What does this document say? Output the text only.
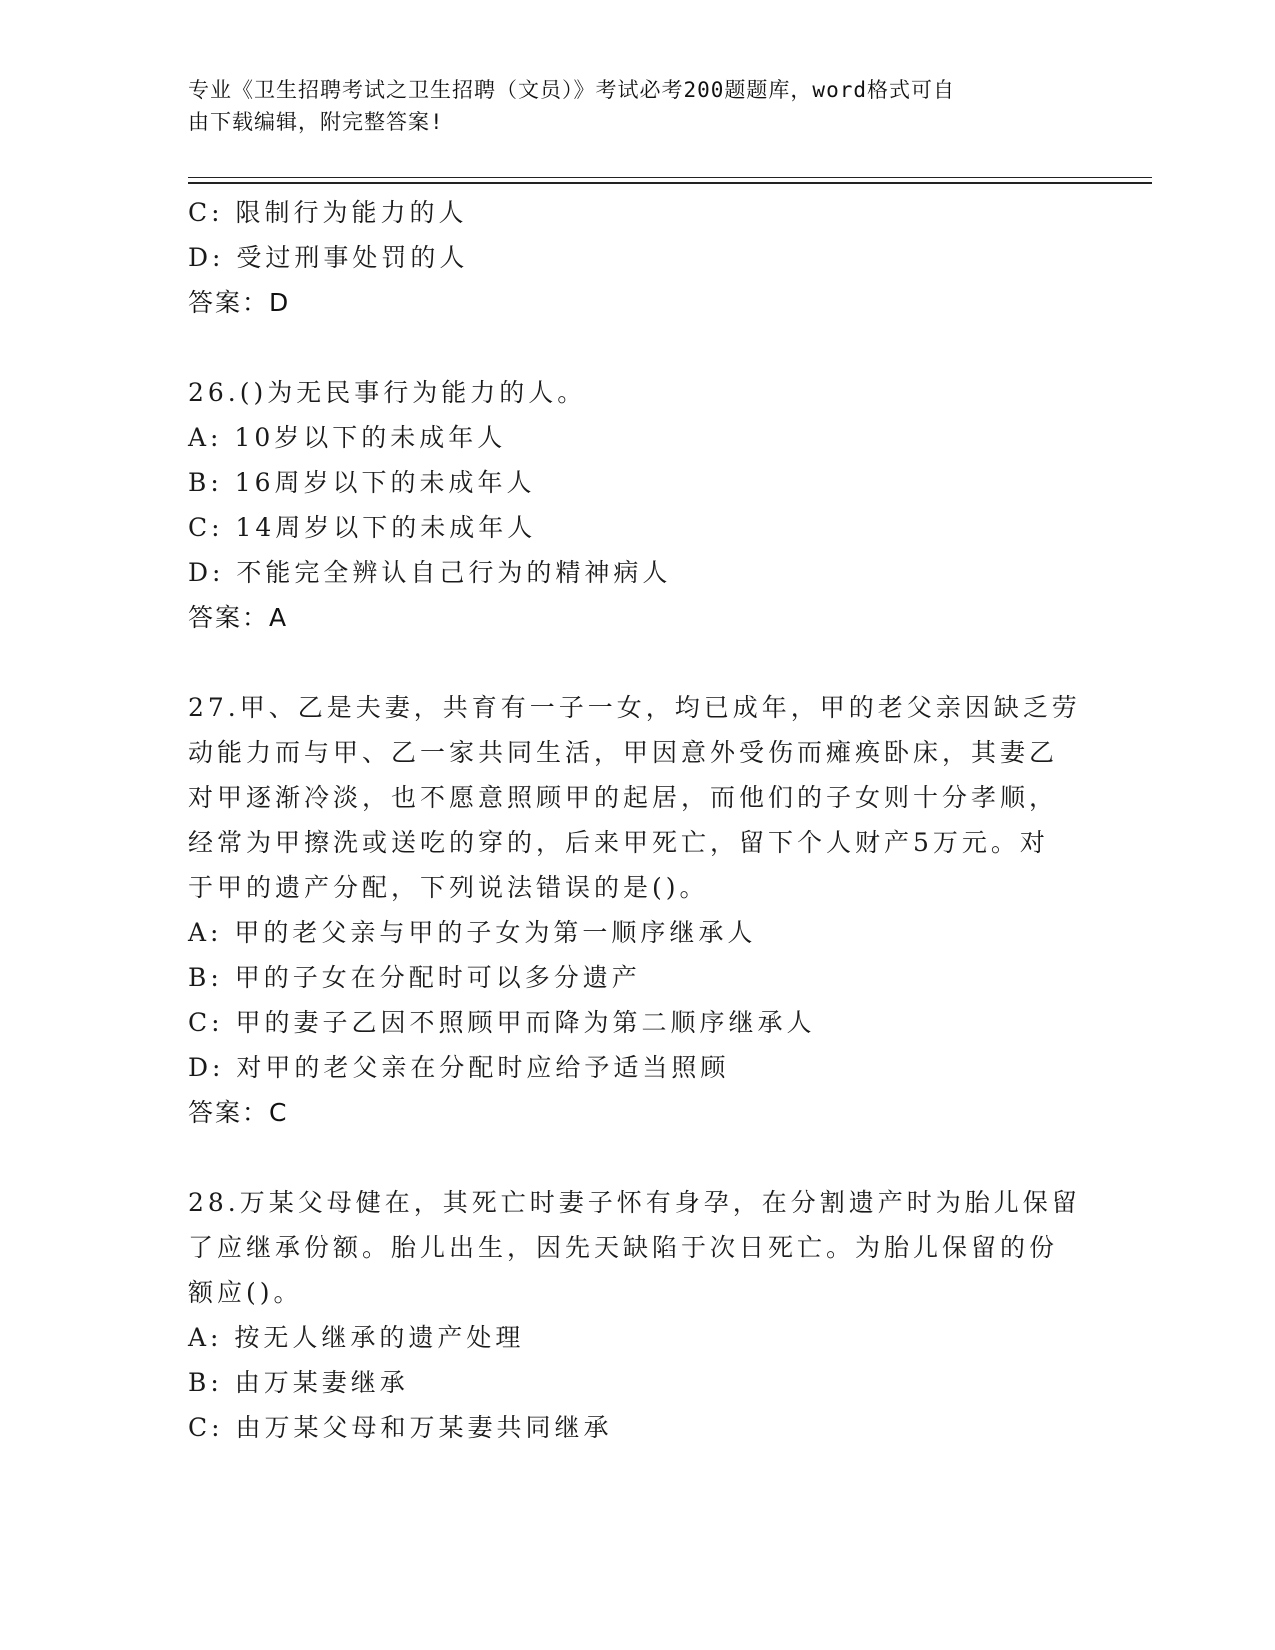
专业《卫生招聘考试之卫生招聘（文员）》考试必考200题题库，word格式可自
由下载编辑，附完整答案!
C: 限制行为能力的人
D: 受过刑事处罚的人
答案：D
26.()为无民事行为能力的人。
A: 10岁以下的未成年人
B: 16周岁以下的未成年人
C: 14周岁以下的未成年人
D: 不能完全辨认自己行为的精神病人
答案：A
27.甲、乙是夫妻，共育有一子一女，均已成年，甲的老父亲因缺乏劳
动能力而与甲、乙一家共同生活，甲因意外受伤而瘫痪卧床，其妻乙
对甲逐渐冷淡，也不愿意照顾甲的起居，而他们的子女则十分孝顺，
经常为甲擦洗或送吃的穿的，后来甲死亡，留下个人财产5万元。对
于甲的遗产分配，下列说法错误的是()。
A: 甲的老父亲与甲的子女为第一顺序继承人
B: 甲的子女在分配时可以多分遗产
C: 甲的妻子乙因不照顾甲而降为第二顺序继承人
D: 对甲的老父亲在分配时应给予适当照顾
答案：C
28.万某父母健在，其死亡时妻子怀有身孕，在分割遗产时为胎儿保留
了应继承份额。胎儿出生，因先天缺陷于次日死亡。为胎儿保留的份
额应()。
A: 按无人继承的遗产处理
B: 由万某妻继承
C: 由万某父母和万某妻共同继承
